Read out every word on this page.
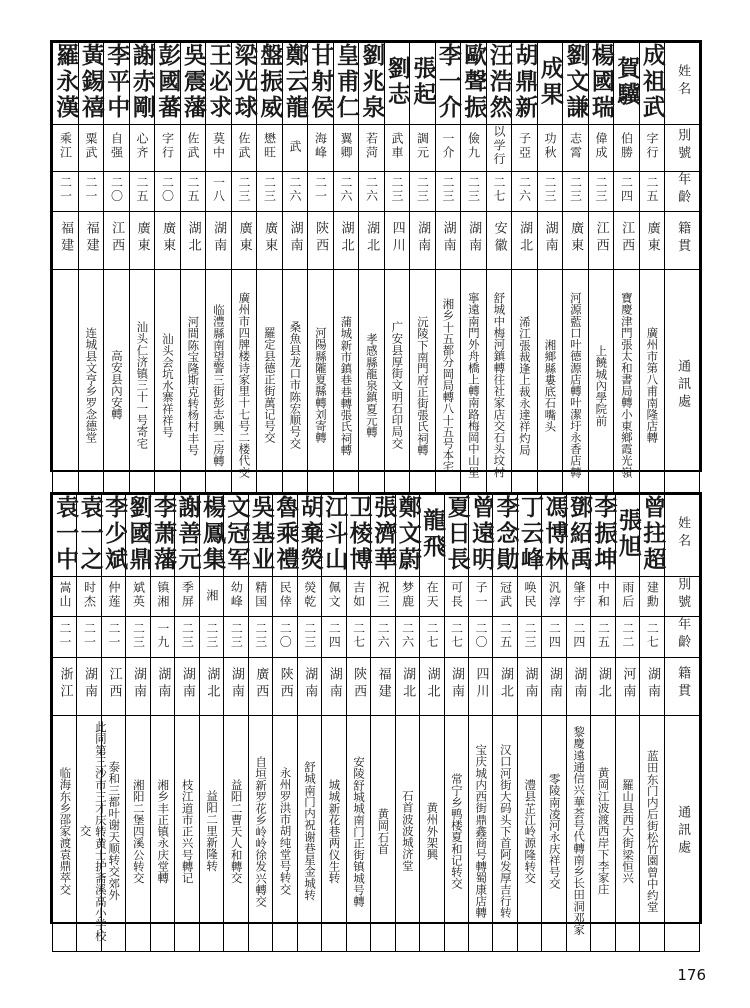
羅永漢	黃錫禧	李平中	謝赤剛	彭國蕃	吳震藩	王必求	梁光球	盤振威	鄭云龍	甘射侯	皇甫仁	劉兆泉	劉志	張起	李一介	歐聲振	汪浩然	胡鼎新	成果	劉文謙	楊國瑞	賀驥	成祖武	姓名
乘江	粟武	自强	心齐	字行	佐武	莫中	佐武	懋旺	武	海峰	翼卿	若菏	武車	調元	一介	儉九	以学行	子亞	功秋	志霄	偉成	伯勝	字行	別號
二一	二一	二〇	二五	二〇	二五	一八	二三	二三	二六	二一	二六	二六	二三	二三	二三	二三	二七	二六	二三	二三	二三	二四	二五	年齡
福建	福建	江西	廣東	廣東	湖北	湖南	廣東	廣東	湖南	陝西	湖北	湖北	四川	湖南	湖南	湖南	安徽	湖北	湖南	廣東	江西	江西	廣東	籍貫
	连城县文亨乡罗念德堂	高安县內安轉	汕头仁济镇三十一号寄宅	汕头会坑水寨祥祥号	河間陈宝隆斯克转杨村丰号	临澧縣南望警三街彭志興二房轉	廣州市四牌楼诗家里十七号二楼代交	羅定县德正街萬记号交	桑魚县龙口市陈宏顺号交	河陽縣隴夏縣轉刘寄轉	蒲城新市鎮巷巷轉張氏祠轉	孝感縣龍泉鎮夏元轉	广安县厚街文明石印局交	沅陵下南門府正街張氏祠轉	湘乡十五都分岡局轉八十五号本宅	寧遠南門外舟橋上轉南路梅岡中山里	舒城中梅河鎮轉往社家店交石头坟村	浠江張裁逢上裁永達祥灼局	湘鄉縣婁底石嘴头	河源藍口叶德源店轉叶潔圩永香店轉	上饒城內學院前	寶慶津門張太和書局轉小東鄉霞光嶺	廣州市第八甫南隆店轉	通訊處
袁一中	袁一之	李少斌	劉國鼎	李萧藩	謝善元	楊鳳集	文冠军	吳基业	魯乘禮	胡棄熒	江斗山	卫棱博	張濟華	鄭文蔚	龍飛	夏日長	曾遠明	李念勛	丁云峰	馮博林	鄧紹禹	李振坤	張旭	曾拄超	姓名
嵩山	时杰	仲莲	斌英	镇湘	季屏	湘	幼峰	精国	民倖	熒乾	佩文	吉如	祝三	梦鹿	在天	可長	子一	冠武	唤民	汎淳	肇宇	中和	雨后	建勳	別號
二一	二一	二一	二三	一九	二三	二三	二三	二三	二〇	二三	二四	二七	二六	二六	二七	二七	二〇	二五	二三	二四	二四	二五	二二	二七	年齡
浙江	湖南	江西	湖南	湖南	湖南	湖北	湖南	廣西	陝西	湖南	湖南	陝西	福建	湖北	湖北	湖南	四川	湖北	湖南	湖南	湖南	湖北	河南	湖南	籍貫
临海东乡邵家渡袁鼎萃交	此同第三沙市三才庆转黄士护斋溪高小学校交	泰和三都叶谢天顺转交郊外	湘阳二堡四溪公转交	湘乡丰正镇永庆堂轉	枝江道市正兴号轉记	益阳二里新隆转	益阳二曹天人和轉交	自垣新罗花乡岭岭徐发兴轉交	永州罗洪市胡纯堂号转交	舒城南门内祝谢巷星金城转	城城新花巷两仪生转	安陵舒城城南门正街镇城号轉	黄岡石首	石首波波城济堂	黄州外架興	常宁乡鸭楼夏和记转交	宝庆城内西街鼎鑫商号轉蜀康店轉	汉口河街大码头下首阿发厚吉行转	澧县芷江岭源隆转交	零陵南凌河永庆祥号交	黎慶遠通信兴華荟号代轉南乡长田洞邓家	黄岡江波渡西岸下李家庄	羅山县西大街梁恒兴	蓝田东门内后街松竹園曾中约堂	通訊處
176
